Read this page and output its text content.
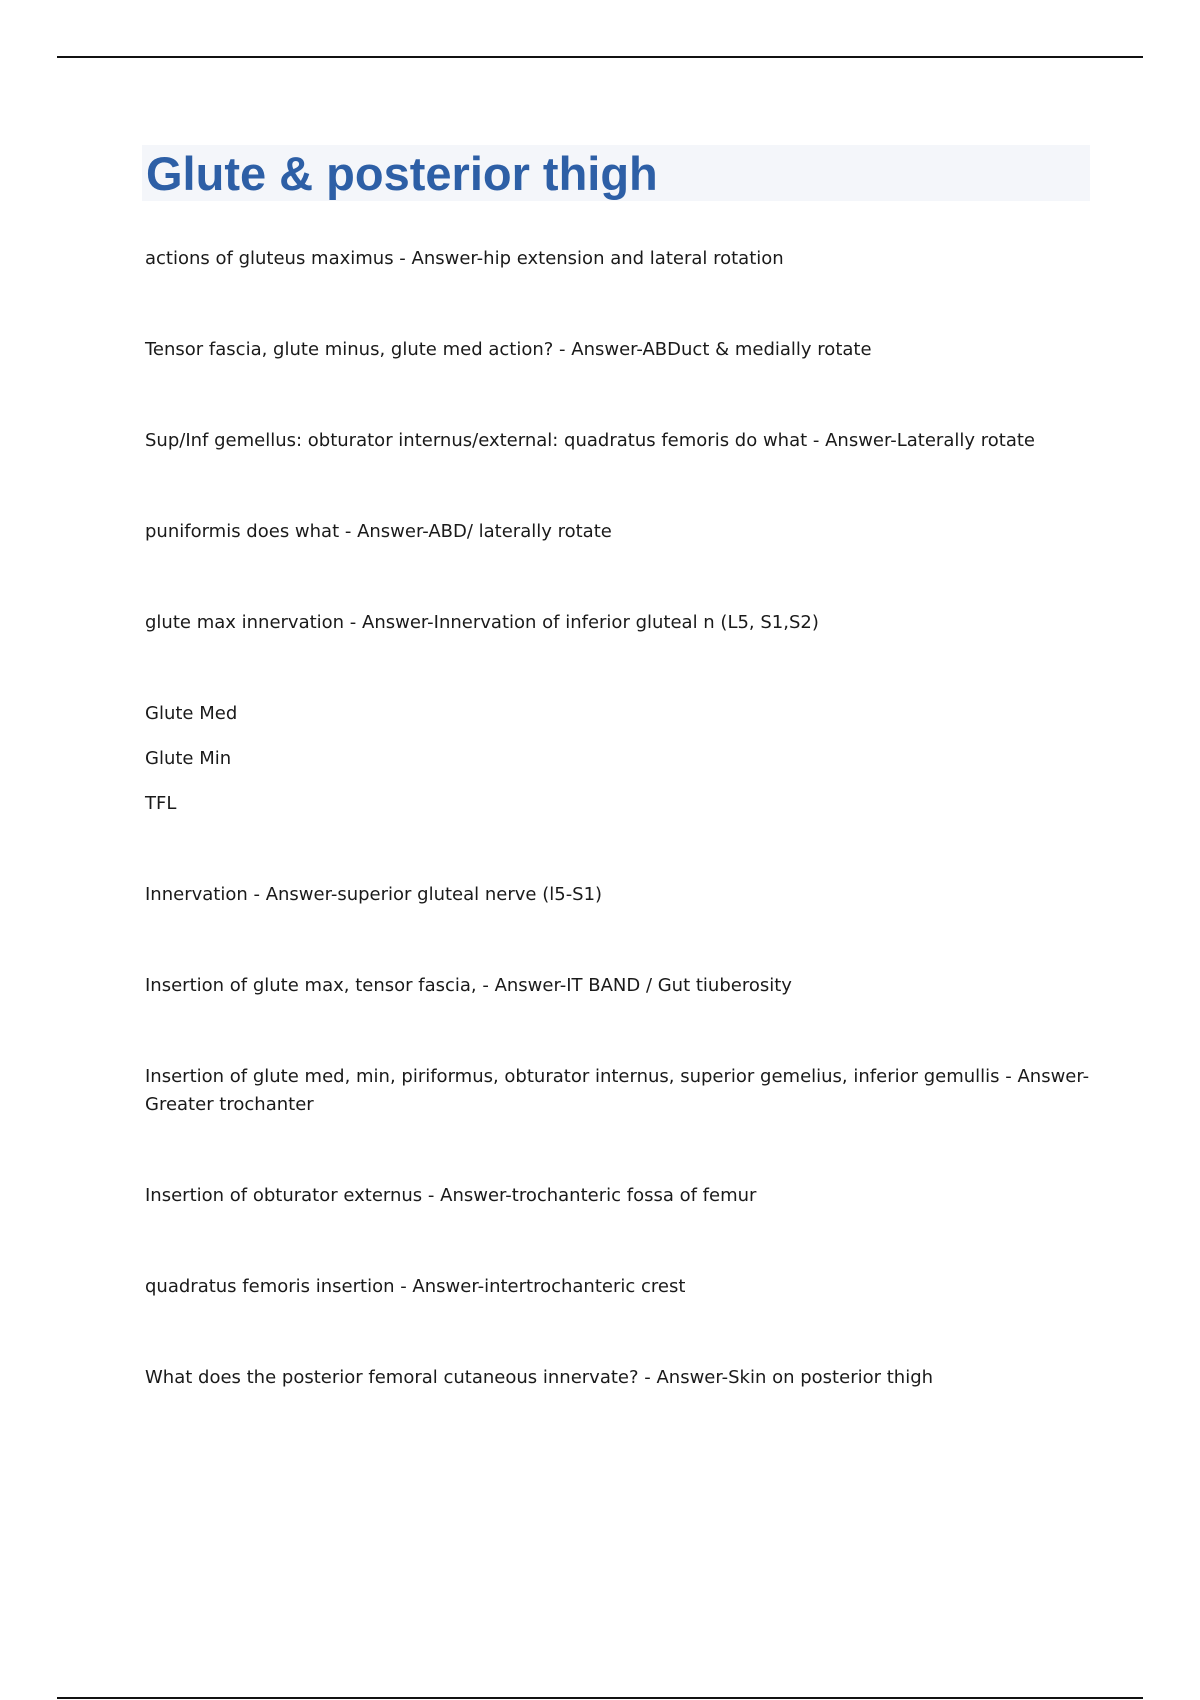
Glute & posterior thigh
actions of gluteus maximus - Answer-hip extension and lateral rotation
Tensor fascia, glute minus, glute med action? - Answer-ABDuct & medially rotate
Sup/Inf gemellus: obturator internus/external: quadratus femoris do what - Answer-Laterally rotate
puniformis does what - Answer-ABD/ laterally rotate
glute max innervation - Answer-Innervation of inferior gluteal n (L5, S1,S2)
Glute Med
Glute Min
TFL
Innervation - Answer-superior gluteal nerve (l5-S1)
Insertion of glute max, tensor fascia, - Answer-IT BAND / Gut tiuberosity
Insertion of glute med, min, piriformus, obturator internus, superior gemelius, inferior gemullis - Answer-Greater trochanter
Insertion of obturator externus - Answer-trochanteric fossa of femur
quadratus femoris insertion - Answer-intertrochanteric crest
What does the posterior femoral cutaneous innervate? - Answer-Skin on posterior thigh
